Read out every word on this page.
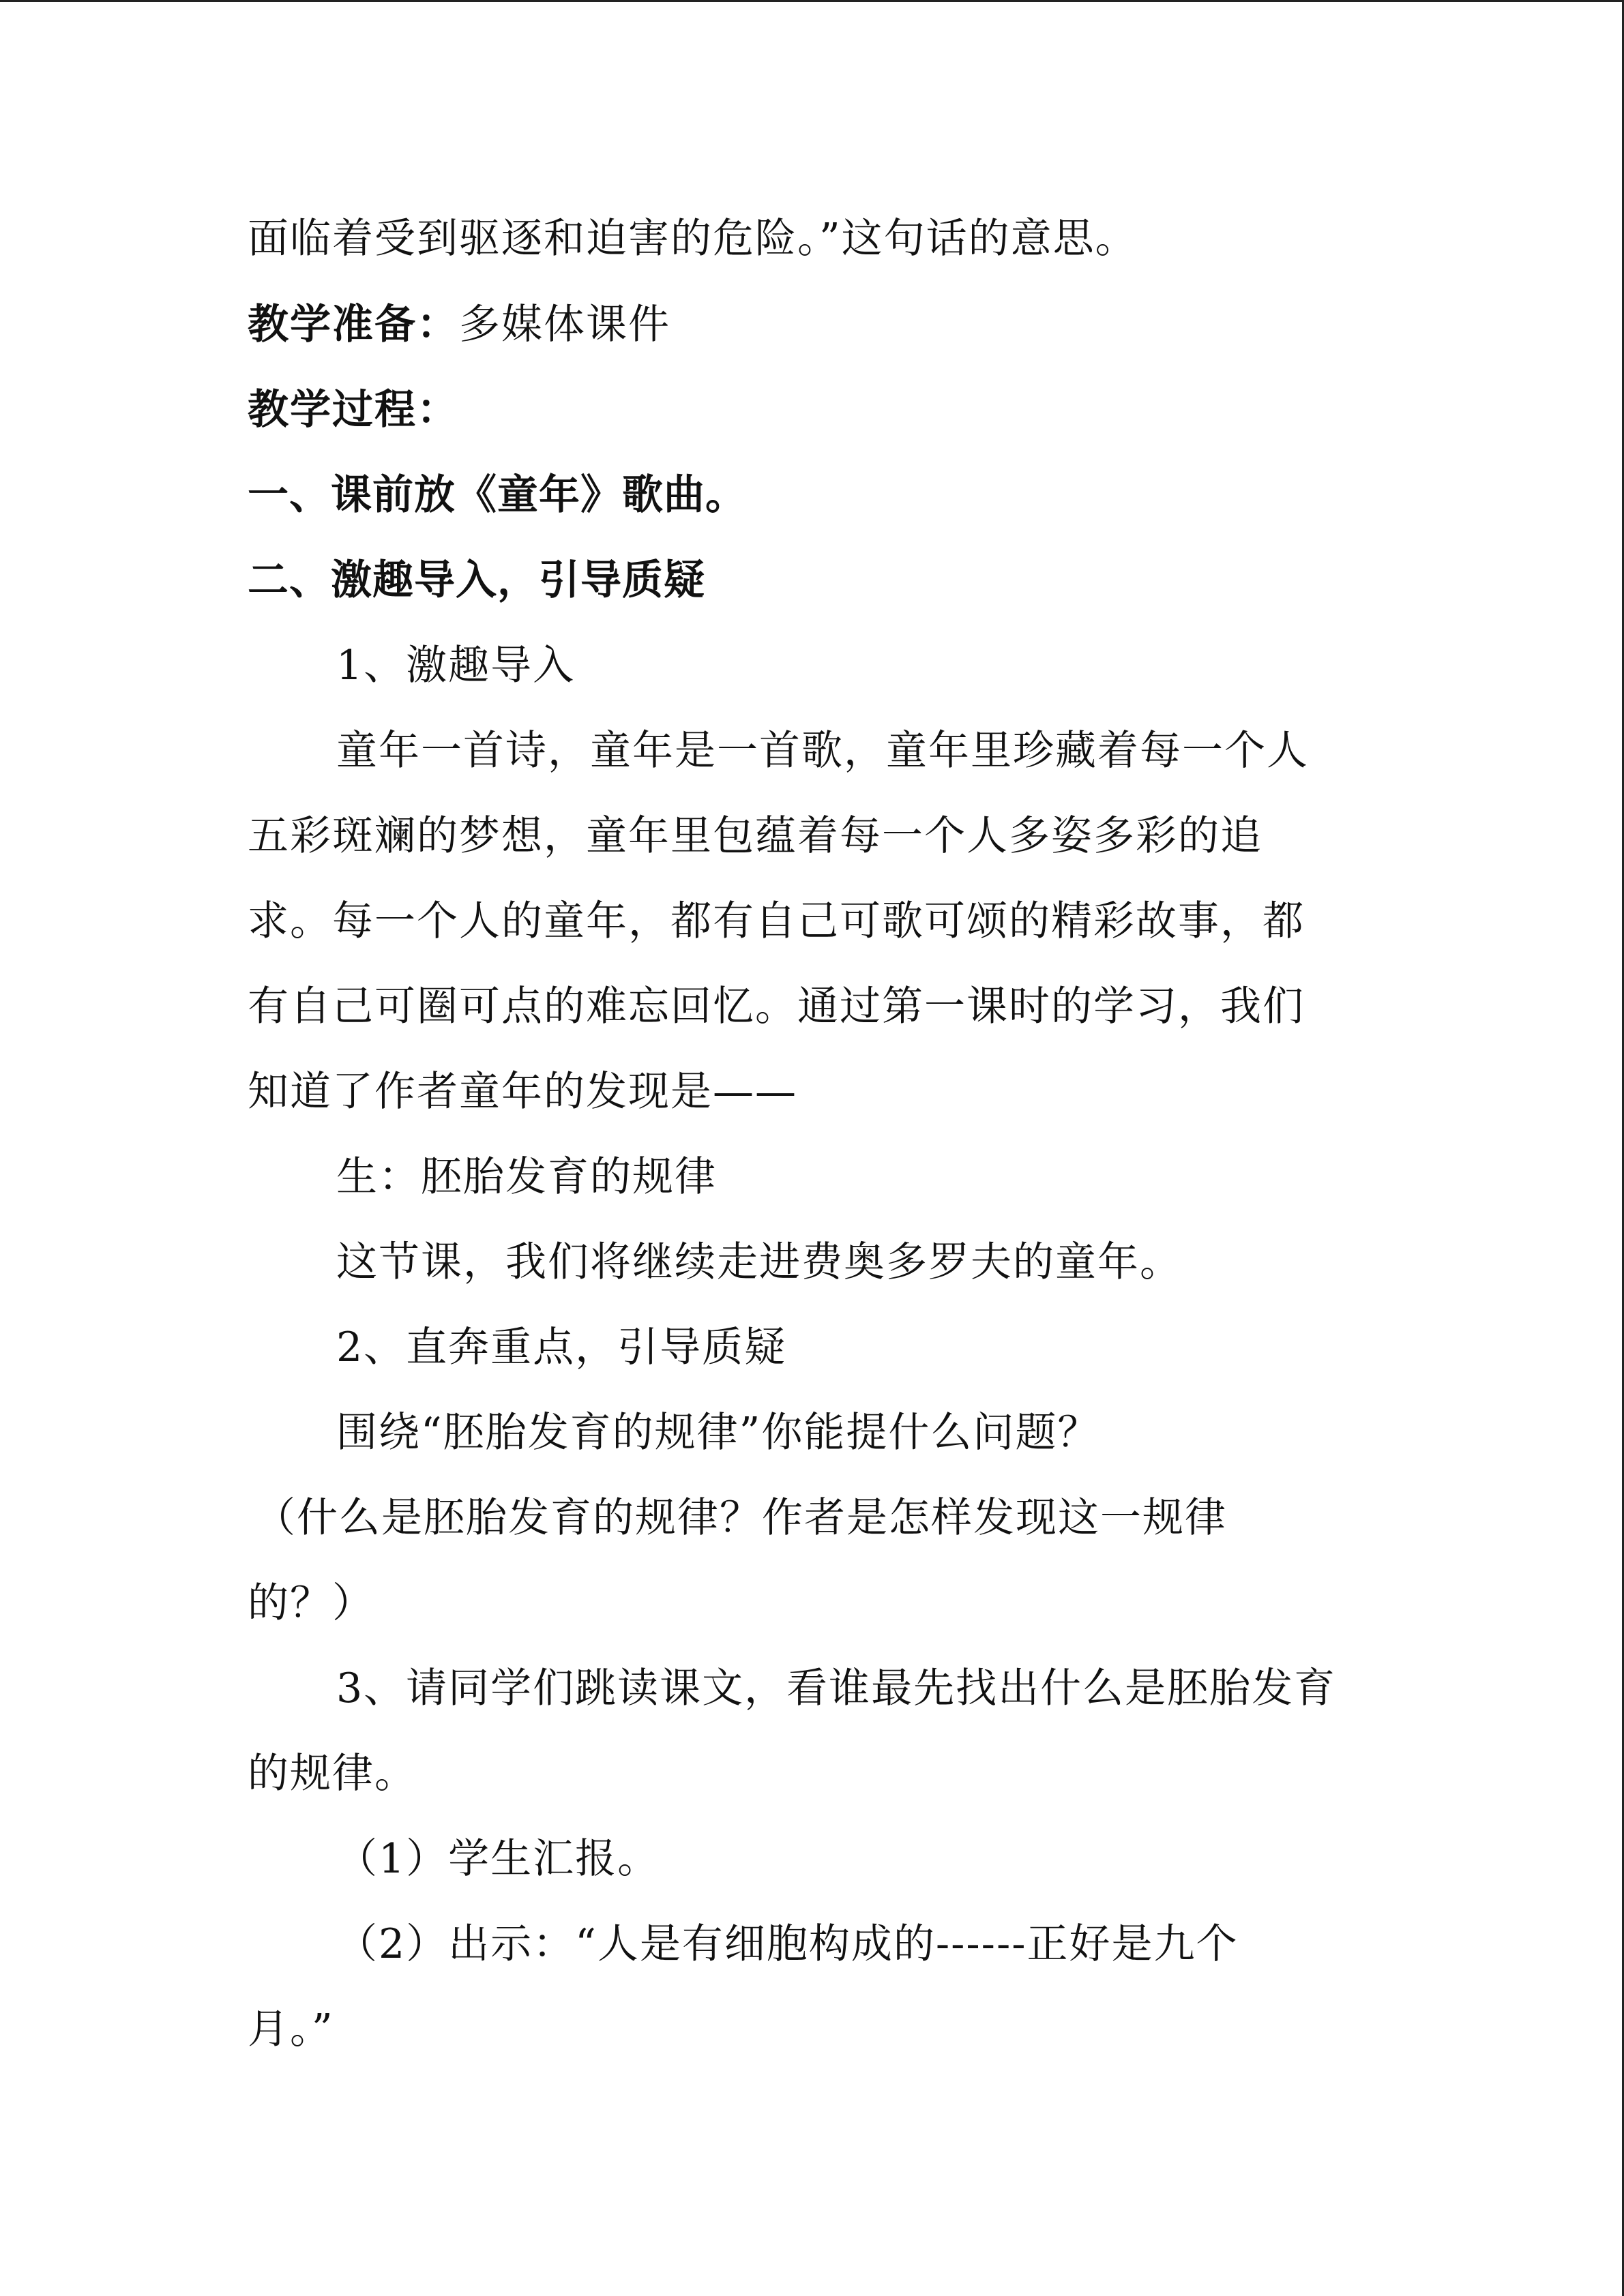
面临着受到驱逐和迫害的危险。”这句话的意思。
教学准备：多媒体课件
教学过程：
一、课前放《童年》歌曲。
二、激趣导入，引导质疑
1、激趣导入
童年一首诗，童年是一首歌，童年里珍藏着每一个人
五彩斑斓的梦想，童年里包蕴着每一个人多姿多彩的追
求。每一个人的童年，都有自己可歌可颂的精彩故事，都
有自己可圈可点的难忘回忆。通过第一课时的学习，我们
知道了作者童年的发现是——
生：胚胎发育的规律
这节课，我们将继续走进费奥多罗夫的童年。
2、直奔重点，引导质疑
围绕“胚胎发育的规律”你能提什么问题？
（什么是胚胎发育的规律？作者是怎样发现这一规律
的？）
3、请同学们跳读课文，看谁最先找出什么是胚胎发育
的规律。
（1）学生汇报。
（2）出示：“人是有细胞构成的------正好是九个
月。”
